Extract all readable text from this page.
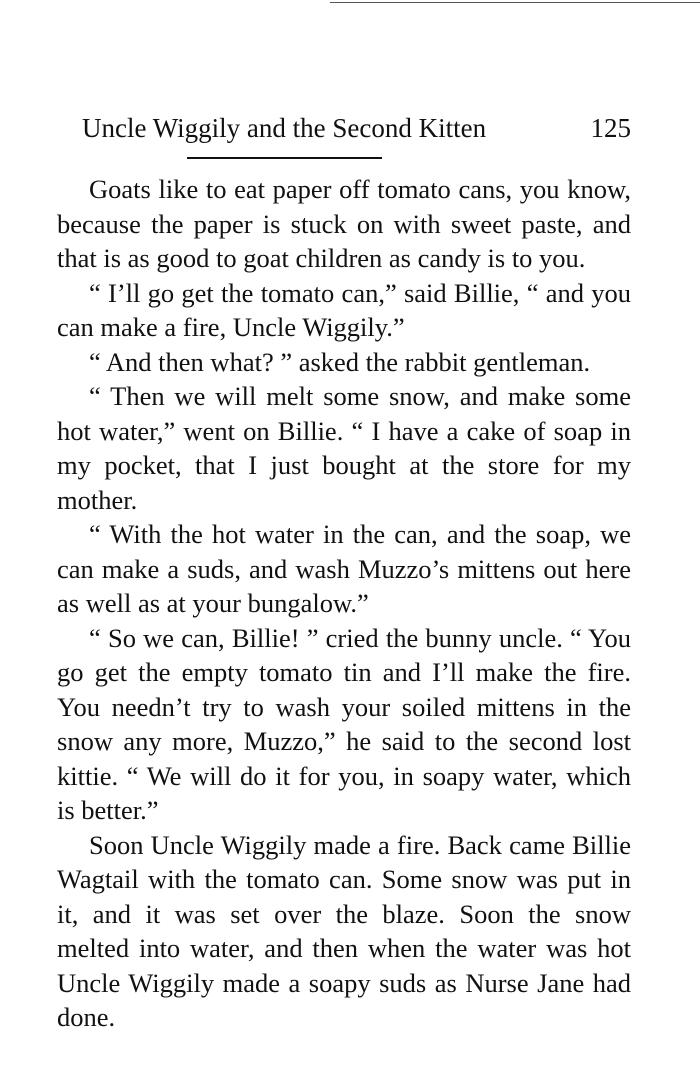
Uncle Wiggily and the Second Kitten	125

Goats like to eat paper off tomato cans, you know, because the paper is stuck on with sweet paste, and that is as good to goat children as candy is to you.

“ I’ll go get the tomato can,” said Billie, “ and you can make a fire, Uncle Wiggily.”

“ And then what? ” asked the rabbit gentleman.

“ Then we will melt some snow, and make some hot water,” went on Billie. “ I have a cake of soap in my pocket, that I just bought at the store for my mother.

“ With the hot water in the can, and the soap, we can make a suds, and wash Muzzo’s mittens out here as well as at your bungalow.”

“ So we can, Billie! ” cried the bunny uncle. “ You go get the empty tomato tin and I’ll make the fire. You needn’t try to wash your soiled mittens in the snow any more, Muzzo,” he said to the second lost kittie. “ We will do it for you, in soapy water, which is better.”

Soon Uncle Wiggily made a fire. Back came Billie Wagtail with the tomato can. Some snow was put in it, and it was set over the blaze. Soon the snow melted into water, and then when the water was hot Uncle Wiggily made a soapy suds as Nurse Jane had done.
